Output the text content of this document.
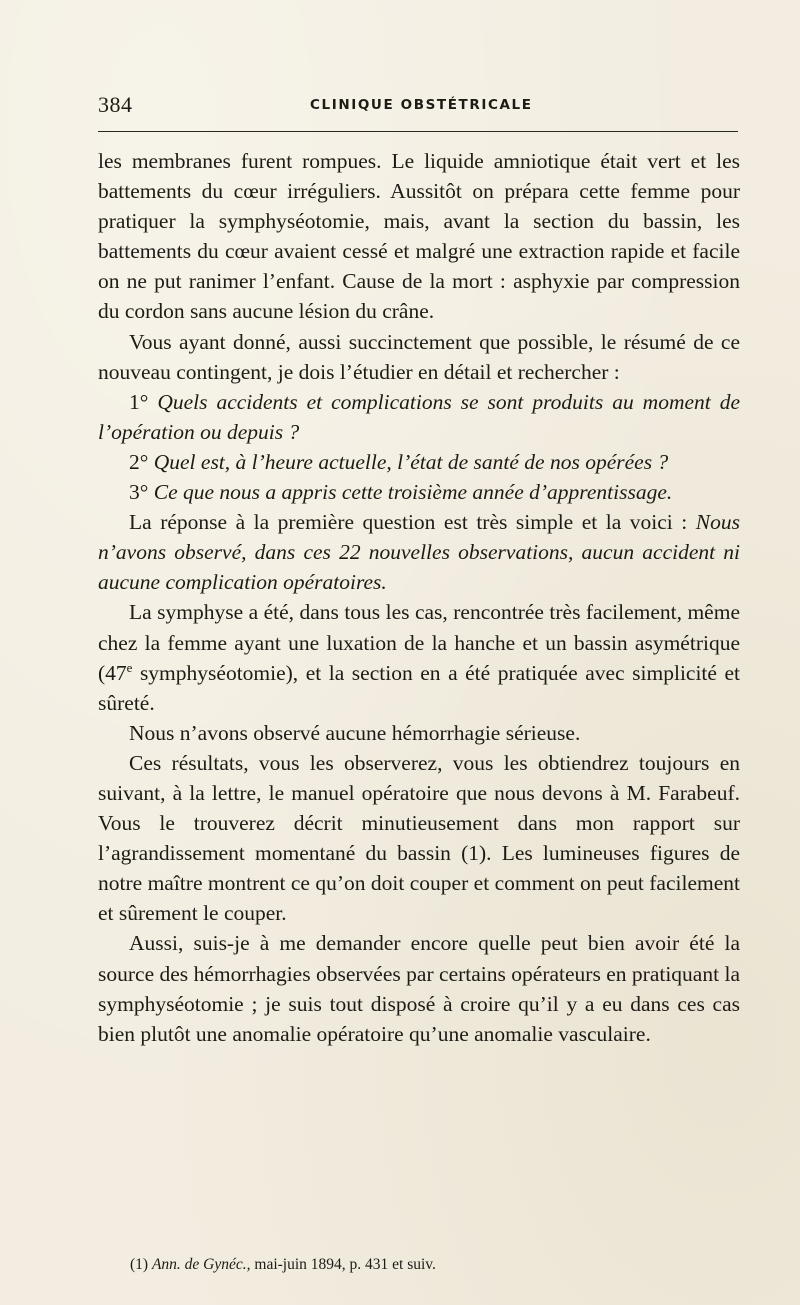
384	CLINIQUE OBSTÉTRICALE

les membranes furent rompues. Le liquide amniotique était vert et les battements du cœur irréguliers. Aussitôt on prépara cette femme pour pratiquer la symphyséotomie, mais, avant la section du bassin, les battements du cœur avaient cessé et malgré une extraction rapide et facile on ne put ranimer l’enfant. Cause de la mort : asphyxie par compression du cordon sans aucune lésion du crâne.

Vous ayant donné, aussi succinctement que possible, le résumé de ce nouveau contingent, je dois l’étudier en détail et rechercher :

1° Quels accidents et complications se sont produits au moment de l’opération ou depuis ?

2° Quel est, à l’heure actuelle, l’état de santé de nos opérées ?

3° Ce que nous a appris cette troisième année d’apprentissage.

La réponse à la première question est très simple et la voici : Nous n’avons observé, dans ces 22 nouvelles observations, aucun accident ni aucune complication opératoires.

La symphyse a été, dans tous les cas, rencontrée très facilement, même chez la femme ayant une luxation de la hanche et un bassin asymétrique (47e symphyséotomie), et la section en a été pratiquée avec simplicité et sûreté.

Nous n’avons observé aucune hémorrhagie sérieuse.

Ces résultats, vous les observerez, vous les obtiendrez toujours en suivant, à la lettre, le manuel opératoire que nous devons à M. Farabeuf. Vous le trouverez décrit minutieusement dans mon rapport sur l’agrandissement momentané du bassin (1). Les lumineuses figures de notre maître montrent ce qu’on doit couper et comment on peut facilement et sûrement le couper.

Aussi, suis-je à me demander encore quelle peut bien avoir été la source des hémorrhagies observées par certains opérateurs en pratiquant la symphyséotomie ; je suis tout disposé à croire qu’il y a eu dans ces cas bien plutôt une anomalie opératoire qu’une anomalie vasculaire.

(1) Ann. de Gynéc., mai-juin 1894, p. 431 et suiv.
